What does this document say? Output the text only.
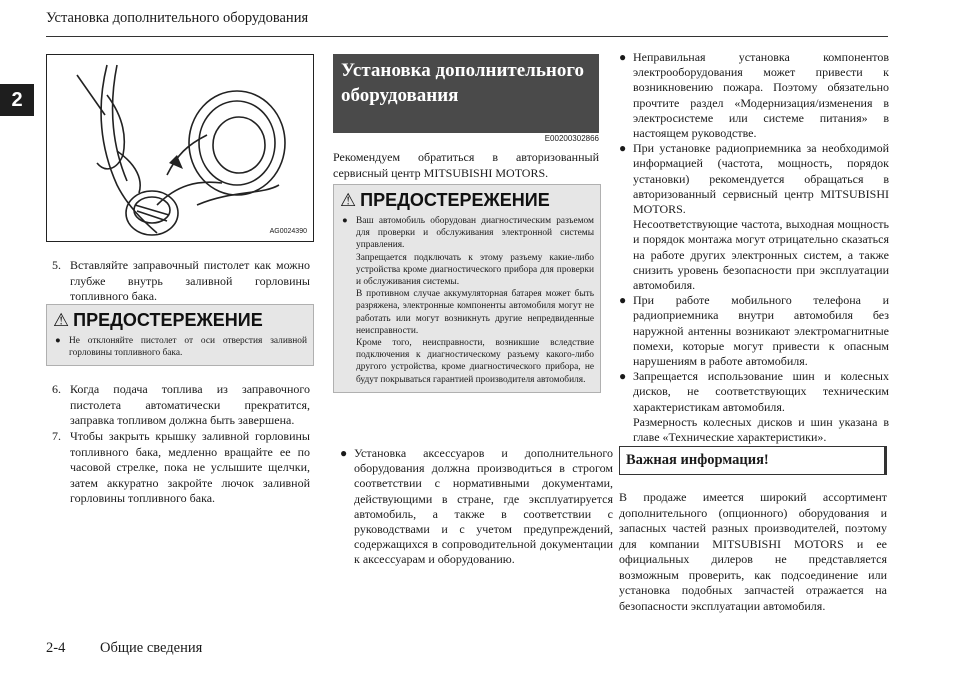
Установка дополнительного оборудования
2
AG0024390
5. Вставляйте заправочный пистолет как можно глубже внутрь заливной горловины топливного бака.
⚠ ПРЕДОСТЕРЕЖЕНИЕ
● Не отклоняйте пистолет от оси отверстия заливной горловины топливного бака.

6. Когда подача топлива из заправочного пистолета автоматически прекратится, заправка топливом должна быть завершена.
7. Чтобы закрыть крышку заливной горловины топливного бака, медленно вращайте ее по часовой стрелке, пока не услышите щелчки, затем аккуратно закройте лючок заливной горловины топливного бака.
Установка дополнительного оборудования
E00200302866
Рекомендуем обратиться в авторизованный сервисный центр MITSUBISHI MOTORS.
⚠ ПРЕДОСТЕРЕЖЕНИЕ
● Ваш автомобиль оборудован диагностическим разъемом для проверки и обслуживания электронной системы управления.

Запрещается подключать к этому разъему какие-либо устройства кроме диагностического прибора для проверки и обслуживания системы.

В противном случае аккумуляторная батарея может быть разряжена, электронные компоненты автомобиля могут не работать или могут возникнуть другие непредвиденные неисправности.

Кроме того, неисправности, возникшие вследствие подключения к диагностическому разъему какого-либо другого устройства, кроме диагностического прибора, не будут покрываться гарантией производителя автомобиля.

● Установка аксессуаров и дополнительного оборудования должна производиться в строгом соответствии с нормативными документами, действующими в стране, где эксплуатируется автомобиль, а также в соответствии с руководствами и с учетом предупреждений, содержащихся в сопроводительной документации к аксессуарам и оборудованию.

● Неправильная установка компонентов электрооборудования может привести к возникновению пожара. Поэтому обязательно прочтите раздел «Модернизация/изменения в электросистеме или системе питания» в настоящем руководстве.

● При установке радиоприемника за необходимой информацией (частота, мощность, порядок установки) рекомендуется обращаться в авторизованный сервисный центр MITSUBISHI MOTORS.

Несоответствующие частота, выходная мощность и порядок монтажа могут отрицательно сказаться на работе других электронных систем, а также снизить уровень безопасности при эксплуатации автомобиля.

● При работе мобильного телефона и радиоприемника внутри автомобиля без наружной антенны возникают электромагнитные помехи, которые могут привести к опасным нарушениям в работе автомобиля.

● Запрещается использование шин и колесных дисков, не соответствующих техническим характеристикам автомобиля.

Размерность колесных дисков и шин указана в главе «Технические характеристики».

Важная информация!
В продаже имеется широкий ассортимент дополнительного (опционного) оборудования и запасных частей разных производителей, поэтому для компании MITSUBISHI MOTORS и ее официальных дилеров не представляется возможным проверить, как подсоединение или установка подобных запчастей отражается на безопасности эксплуатации автомобиля.
2-4 Общие сведения
